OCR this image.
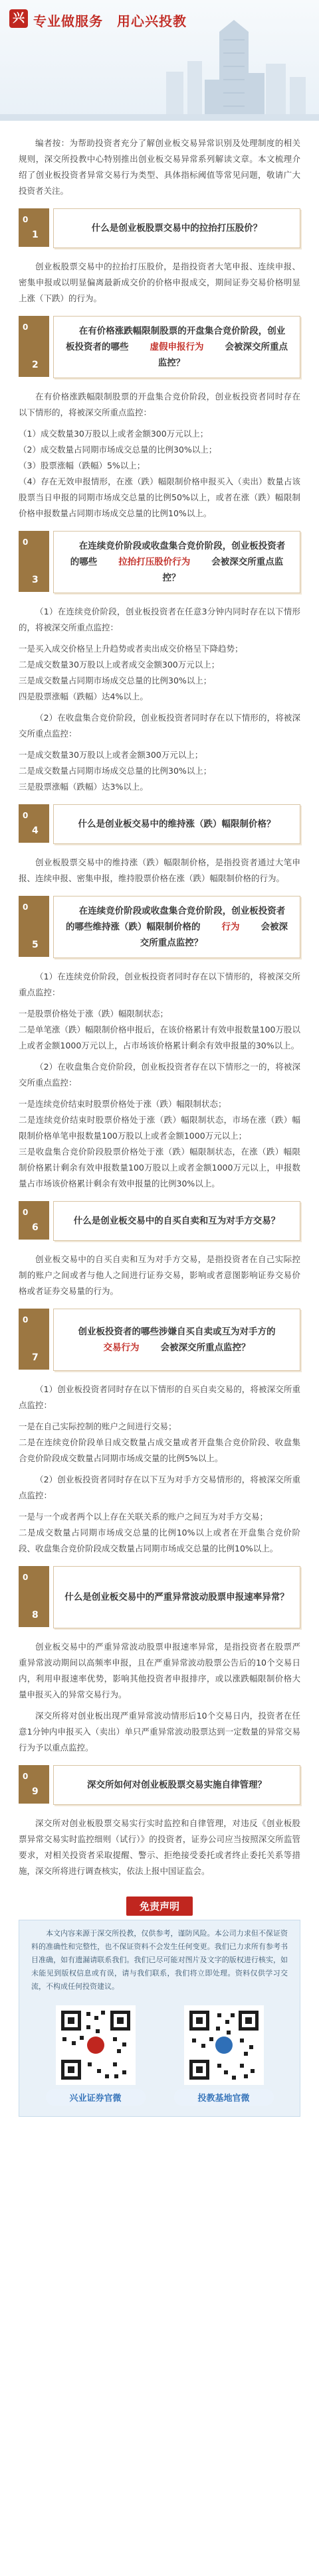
兴 专业做服务　用心兴投教

编者按：为帮助投资者充分了解创业板交易异常识别及处理制度的相关规则，深交所投教中心特别推出创业板交易异常系列解读文章。本文梳理介绍了创业板投资者异常交易行为类型、具体指标阈值等常见问题，敬请广大投资者关注。

0
1
什么是创业板股票交易中的拉抬打压股价？

创业板股票交易中的拉抬打压股价，是指投资者大笔申报、连续申报、密集申报或以明显偏离最新成交价的价格申报成交，期间证券交易价格明显上涨（下跌）的行为。

0
2
在有价格涨跌幅限制股票的开盘集合竞价阶段，创业板投资者的哪些 虚假申报行为 会被深交所重点监控？

在有价格涨跌幅限制股票的开盘集合竞价阶段，创业板投资者同时存在以下情形的，将被深交所重点监控：

（1）成交数量30万股以上或者金额300万元以上；

（2）成交数量占同期市场成交总量的比例30%以上；

（3）股票涨幅（跌幅）5%以上；

（4）存在无效申报情形，在涨（跌）幅限制价格申报买入（卖出）数量占该股票当日申报的同期市场成交总量的比例50%以上，或者在涨（跌）幅限制价格申报数量占同期市场成交总量的比例10%以上。

0
3
在连续竞价阶段或收盘集合竞价阶段，创业板投资者的哪些 拉抬打压股价行为 会被深交所重点监控？

（1）在连续竞价阶段，创业板投资者在任意3分钟内同时存在以下情形的，将被深交所重点监控：

一是买入成交价格呈上升趋势或者卖出成交价格呈下降趋势；

二是成交数量30万股以上或者成交金额300万元以上；

三是成交数量占同期市场成交总量的比例30%以上；

四是股票涨幅（跌幅）达4%以上。

（2）在收盘集合竞价阶段，创业板投资者同时存在以下情形的，将被深交所重点监控：

一是成交数量30万股以上或者金额300万元以上；

二是成交数量占同期市场成交总量的比例30%以上；

三是股票涨幅（跌幅）达3%以上。

0
4
什么是创业板交易中的维持涨（跌）幅限制价格？

创业板股票交易中的维持涨（跌）幅限制价格，是指投资者通过大笔申报、连续申报、密集申报，维持股票价格在涨（跌）幅限制价格的行为。

0
5
在连续竞价阶段或收盘集合竞价阶段，创业板投资者的哪些维持涨（跌）幅限制价格的 行为 会被深交所重点监控？

（1）在连续竞价阶段，创业板投资者同时存在以下情形的，将被深交所重点监控：

一是股票价格处于涨（跌）幅限制状态；

二是单笔涨（跌）幅限制价格申报后，在该价格累计有效申报数量100万股以上或者金额1000万元以上，占市场该价格累计剩余有效申报量的30%以上。

（2）在收盘集合竞价阶段，创业板投资者存在以下情形之一的，将被深交所重点监控：

一是连续竞价结束时股票价格处于涨（跌）幅限制状态；

二是连续竞价结束时股票价格处于涨（跌）幅限制状态，市场在涨（跌）幅限制价格单笔申报数量100万股以上或者金额1000万元以上；

三是收盘集合竞价阶段股票价格处于涨（跌）幅限制状态，在涨（跌）幅限制价格累计剩余有效申报数量100万股以上或者金额1000万元以上，申报数量占市场该价格累计剩余有效申报量的比例30%以上。

0
6
什么是创业板交易中的自买自卖和互为对手方交易？

创业板交易中的自买自卖和互为对手方交易，是指投资者在自己实际控制的账户之间或者与他人之间进行证券交易，影响或者意图影响证券交易价格或者证券交易量的行为。

0
7
创业板投资者的哪些涉嫌自买自卖或互为对手方的交易行为 会被深交所重点监控？

（1）创业板投资者同时存在以下情形的自买自卖交易的，将被深交所重点监控：

一是在自己实际控制的账户之间进行交易；

二是在连续竞价阶段单日成交数量占成交量或者开盘集合竞价阶段、收盘集合竞价阶段成交数量占同期市场成交量的比例5%以上。

（2）创业板投资者同时存在以下互为对手方交易情形的，将被深交所重点监控：

一是与一个或者两个以上存在关联关系的账户之间互为对手方交易；

二是成交数量占同期市场成交总量的比例10%以上或者在开盘集合竞价阶段、收盘集合竞价阶段成交数量占同期市场成交总量的比例10%以上。

0
8
什么是创业板交易中的严重异常波动股票申报速率异常？

创业板交易中的严重异常波动股票申报速率异常，是指投资者在股票严重异常波动期间以高频率申报，且在严重异常波动股票公告后的10个交易日内，利用申报速率优势，影响其他投资者申报排序，或以涨跌幅限制价格大量申报买入的异常交易行为。

深交所将对创业板出现严重异常波动情形后10个交易日内，投资者在任意1分钟内申报买入（卖出）单只严重异常波动股票达到一定数量的异常交易行为予以重点监控。

0
9
深交所如何对创业板股票交易实施自律管理？

深交所对创业板股票交易实行实时监控和自律管理，对违反《创业板股票异常交易实时监控细则（试行）》的投资者，证券公司应当按照深交所监管要求，对相关投资者采取提醒、警示、拒绝接受委托或者终止委托关系等措施，深交所将进行调查核实，依法上报中国证监会。

免责声明

本文内容来源于深交所投教，仅供参考，谨防风险。本公司力求但不保证资料的准确性和完整性，也不保证资料不会发生任何变更。我们已力求所有参考书目准确，如有遗漏请联系我们。我们已尽可能对图片及文字的版权进行核实，如未能见到版权信息或有误，请与我们联系，我们将立即处理。资料仅供学习交流，不构成任何投资建议。

兴业证券官微	投教基地官微
